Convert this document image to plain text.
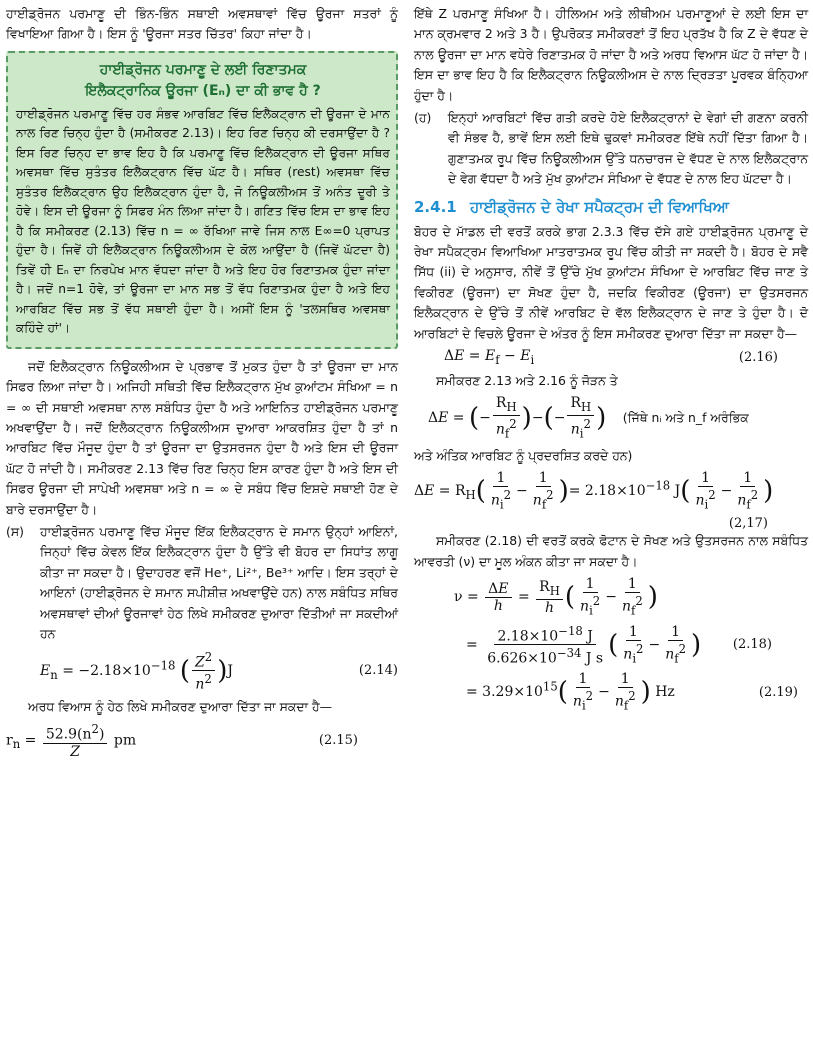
ਹਾਈਡ੍ਰੋਜਨ ਪਰਮਾਣੂ ਦੀ ਭਿੰਨ-ਭਿੰਨ ਸਥਾਈ ਅਵਸਥਾਵਾਂ ਵਿੱਚ ਊਰਜਾ ਸਤਰਾਂ ਨੂੰ ਵਿਖਾਇਆ ਗਿਆ ਹੈ। ਇਸ ਨੂੰ 'ਊਰਜਾ ਸਤਰ ਚਿੱਤਰ' ਕਿਹਾ ਜਾਂਦਾ ਹੈ।

ਹਾਈਡ੍ਰੋਜਨ ਪਰਮਾਣੂ ਦੇ ਲਈ ਰਿਣਾਤਮਕ
ਇਲੈਕਟ੍ਰਾਨਿਕ ਊਰਜਾ (Eₙ) ਦਾ ਕੀ ਭਾਵ ਹੈ ?

ਹਾਈਡ੍ਰੋਜਨ ਪਰਮਾਣੂ ਵਿੱਚ ਹਰ ਸੰਭਵ ਆਰਬਿਟ ਵਿੱਚ ਇਲੈਕਟ੍ਰਾਨ ਦੀ ਊਰਜਾ ਦੇ ਮਾਨ ਨਾਲ ਰਿਣ ਚਿਨ੍ਹ ਹੁੰਦਾ ਹੈ (ਸਮੀਕਰਣ 2.13)। ਇਹ ਰਿਣ ਚਿਨ੍ਹ ਕੀ ਦਰਸਾਉਂਦਾ ਹੈ ? ਇਸ ਰਿਣ ਚਿਨ੍ਹ ਦਾ ਭਾਵ ਇਹ ਹੈ ਕਿ ਪਰਮਾਣੂ ਵਿੱਚ ਇਲੈਕਟ੍ਰਾਨ ਦੀ ਊਰਜਾ ਸਥਿਰ ਅਵਸਥਾ ਵਿੱਚ ਸੁਤੰਤਰ ਇਲੈਕਟ੍ਰਾਨ ਵਿੱਚ ਘੱਟ ਹੈ। ਸਥਿਰ (rest) ਅਵਸਥਾ ਵਿੱਚ ਸੁਤੰਤਰ ਇਲੈਕਟ੍ਰਾਨ ਉਹ ਇਲੈਕਟ੍ਰਾਨ ਹੁੰਦਾ ਹੈ, ਜੋ ਨਿਊਕਲੀਅਸ ਤੋਂ ਅਨੰਤ ਦੂਰੀ ਤੇ ਹੋਵੇ। ਇਸ ਦੀ ਊਰਜਾ ਨੂੰ ਸਿਫਰ ਮੰਨ ਲਿਆ ਜਾਂਦਾ ਹੈ। ਗਣਿਤ ਵਿੱਚ ਇਸ ਦਾ ਭਾਵ ਇਹ ਹੈ ਕਿ ਸਮੀਕਰਣ (2.13) ਵਿੱਚ n = ∞ ਰੱਖਿਆ ਜਾਵੇ ਜਿਸ ਨਾਲ E∞=0 ਪ੍ਰਾਪਤ ਹੁੰਦਾ ਹੈ। ਜਿਵੇਂ ਹੀ ਇਲੈਕਟ੍ਰਾਨ ਨਿਊਕਲੀਅਸ ਦੇ ਕੋਲ ਆਉਂਦਾ ਹੈ (ਜਿਵੇਂ ਘੱਟਦਾ ਹੈ) ਤਿਵੇਂ ਹੀ Eₙ ਦਾ ਨਿਰਪੇਖ ਮਾਨ ਵੱਧਦਾ ਜਾਂਦਾ ਹੈ ਅਤੇ ਇਹ ਹੋਰ ਰਿਣਾਤਮਕ ਹੁੰਦਾ ਜਾਂਦਾ ਹੈ। ਜਦੋਂ n=1 ਹੋਵੇ, ਤਾਂ ਊਰਜਾ ਦਾ ਮਾਨ ਸਭ ਤੋਂ ਵੱਧ ਰਿਣਾਤਮਕ ਹੁੰਦਾ ਹੈ ਅਤੇ ਇਹ ਆਰਬਿਟ ਵਿੱਚ ਸਭ ਤੋਂ ਵੱਧ ਸਥਾਈ ਹੁੰਦਾ ਹੈ। ਅਸੀਂ ਇਸ ਨੂੰ 'ਤਲਸਥਿਰ ਅਵਸਥਾ ਕਹਿੰਦੇ ਹਾਂ'।

ਜਦੋਂ ਇਲੈਕਟ੍ਰਾਨ ਨਿਊਕਲੀਅਸ ਦੇ ਪ੍ਰਭਾਵ ਤੋਂ ਮੁਕਤ ਹੁੰਦਾ ਹੈ ਤਾਂ ਊਰਜਾ ਦਾ ਮਾਨ ਸਿਫਰ ਲਿਆ ਜਾਂਦਾ ਹੈ। ਅਜਿਹੀ ਸਥਿਤੀ ਵਿੱਚ ਇਲੈਕਟ੍ਰਾਨ ਮੁੱਖ ਕੁਆਂਟਮ ਸੰਖਿਆ = n = ∞ ਦੀ ਸਥਾਈ ਅਵਸਥਾ ਨਾਲ ਸਬੰਧਿਤ ਹੁੰਦਾ ਹੈ ਅਤੇ ਆਇਨਿਤ ਹਾਈਡ੍ਰੋਜਨ ਪਰਮਾਣੂ ਅਖਵਾਉਂਦਾ ਹੈ। ਜਦੋਂ ਇਲੈਕਟ੍ਰਾਨ ਨਿਊਕਲੀਅਸ ਦੁਆਰਾ ਆਕਰਸ਼ਿਤ ਹੁੰਦਾ ਹੈ ਤਾਂ n ਆਰਬਿਟ ਵਿੱਚ ਮੌਜੂਦ ਹੁੰਦਾ ਹੈ ਤਾਂ ਊਰਜਾ ਦਾ ਉਤਸਰਜਨ ਹੁੰਦਾ ਹੈ ਅਤੇ ਇਸ ਦੀ ਊਰਜਾ ਘੱਟ ਹੋ ਜਾਂਦੀ ਹੈ। ਸਮੀਕਰਣ 2.13 ਵਿੱਚ ਰਿਣ ਚਿਨ੍ਹ ਇਸ ਕਾਰਣ ਹੁੰਦਾ ਹੈ ਅਤੇ ਇਸ ਦੀ ਸਿਫਰ ਊਰਜਾ ਦੀ ਸਾਪੇਖੀ ਅਵਸਥਾ ਅਤੇ n = ∞ ਦੇ ਸਬੰਧ ਵਿੱਚ ਇਸ਼ਦੇ ਸਥਾਈ ਹੋਣ ਦੇ ਬਾਰੇ ਦਰਸਾਉਂਦਾ ਹੈ।

(ਸ)	ਹਾਈਡ੍ਰੋਜਨ ਪਰਮਾਣੂ ਵਿੱਚ ਮੌਜੂਦ ਇੱਕ ਇਲੈਕਟ੍ਰਾਨ ਦੇ ਸਮਾਨ ਉਨ੍ਹਾਂ ਆਇਨਾਂ, ਜਿਨ੍ਹਾਂ ਵਿੱਚ ਕੇਵਲ ਇੱਕ ਇਲੈਕਟ੍ਰਾਨ ਹੁੰਦਾ ਹੈ ਉੱਤੇ ਵੀ ਬੋਹਰ ਦਾ ਸਿਧਾਂਤ ਲਾਗੂ ਕੀਤਾ ਜਾ ਸਕਦਾ ਹੈ। ਉਦਾਹਰਣ ਵਜੋਂ He⁺, Li²⁺, Be³⁺ ਆਦਿ। ਇਸ ਤਰ੍ਹਾਂ ਦੇ ਆਇਨਾਂ (ਹਾਈਡ੍ਰੋਜਨ ਦੇ ਸਮਾਨ ਸਪੀਸ਼ੀਜ਼ ਅਖਵਾਉਂਦੇ ਹਨ) ਨਾਲ ਸਬੰਧਿਤ ਸਥਿਰ ਅਵਸਥਾਵਾਂ ਦੀਆਂ ਊਰਜਾਵਾਂ ਹੇਠ ਲਿਖੇ ਸਮੀਕਰਣ ਦੁਆਰਾ ਦਿੱਤੀਆਂ ਜਾ ਸਕਦੀਆਂ ਹਨ

$E_n = -2.18\times 10^{-18}$ ( $\frac{Z^2}{n^2} )J$	(2.14)

ਅਰਧ ਵਿਆਸ ਨੂੰ ਹੇਠ ਲਿਖੇ ਸਮੀਕਰਣ ਦੁਆਰਾ ਦਿੱਤਾ ਜਾ ਸਕਦਾ ਹੈ—

$r_n = \frac{52.9(n^2)}{Z}$ pm	(2.15)

ਇੱਥੇ Z ਪਰਮਾਣੂ ਸੰਖਿਆ ਹੈ। ਹੀਲਿਅਮ ਅਤੇ ਲੀਥੀਅਮ ਪਰਮਾਣੂਆਂ ਦੇ ਲਈ ਇਸ ਦਾ ਮਾਨ ਕ੍ਰਮਵਾਰ 2 ਅਤੇ 3 ਹੈ। ਉਪਰੋਕਤ ਸਮੀਕਰਣਾਂ ਤੋਂ ਇਹ ਪ੍ਰਤੱਖ ਹੈ ਕਿ Z ਦੇ ਵੱਧਣ ਦੇ ਨਾਲ ਊਰਜਾ ਦਾ ਮਾਨ ਵਧੇਰੇ ਰਿਣਾਤਮਕ ਹੋ ਜਾਂਦਾ ਹੈ ਅਤੇ ਅਰਧ ਵਿਆਸ ਘੱਟ ਹੋ ਜਾਂਦਾ ਹੈ। ਇਸ ਦਾ ਭਾਵ ਇਹ ਹੈ ਕਿ ਇਲੈਕਟ੍ਰਾਨ ਨਿਊਕਲੀਅਸ ਦੇ ਨਾਲ ਦ੍ਰਿੜਤਾ ਪੂਰਵਕ ਬੰਨ੍ਹਿਆ ਹੁੰਦਾ ਹੈ।

(ਹ)	ਇਨ੍ਹਾਂ ਆਰਬਿਟਾਂ ਵਿੱਚ ਗਤੀ ਕਰਦੇ ਹੋਏ ਇਲੈਕਟ੍ਰਾਨਾਂ ਦੇ ਵੇਗਾਂ ਦੀ ਗਣਨਾ ਕਰਨੀ ਵੀ ਸੰਭਵ ਹੈ, ਭਾਵੇਂ ਇਸ ਲਈ ਇਥੇ ਢੁਕਵਾਂ ਸਮੀਕਰਣ ਇੱਥੇ ਨਹੀਂ ਦਿੱਤਾ ਗਿਆ ਹੈ। ਗੁਣਾਤਮਕ ਰੂਪ ਵਿੱਚ ਨਿਊਕਲੀਅਸ ਉੱਤੇ ਧਨਚਾਰਜ ਦੇ ਵੱਧਣ ਦੇ ਨਾਲ ਇਲੈਕਟ੍ਰਾਨ ਦੇ ਵੇਗ ਵੱਧਦਾ ਹੈ ਅਤੇ ਮੁੱਖ ਕੁਆਂਟਮ ਸੰਖਿਆ ਦੇ ਵੱਧਣ ਦੇ ਨਾਲ ਇਹ ਘੱਟਦਾ ਹੈ।

2.4.1 ਹਾਈਡ੍ਰੋਜਨ ਦੇ ਰੇਖਾ ਸਪੈਕਟ੍ਰਮ ਦੀ ਵਿਆਖਿਆ

ਬੋਹਰ ਦੇ ਮਾੱਡਲ ਦੀ ਵਰਤੋਂ ਕਰਕੇ ਭਾਗ 2.3.3 ਵਿੱਚ ਦੱਸੇ ਗਏ ਹਾਈਡ੍ਰੋਜਨ ਪ੍ਰਮਾਣੂ ਦੇ ਰੇਖਾ ਸਪੈਕਟ੍ਰਮ ਵਿਆਖਿਆ ਮਾਤਰਾਤਮਕ ਰੂਪ ਵਿੱਚ ਕੀਤੀ ਜਾ ਸਕਦੀ ਹੈ। ਬੋਹਰ ਦੇ ਸਵੈ ਸਿੱਧ (ii) ਦੇ ਅਨੁਸਾਰ, ਨੀਵੇਂ ਤੋਂ ਉੱਚੇ ਮੁੱਖ ਕੁਆਂਟਮ ਸੰਖਿਆ ਦੇ ਆਰਬਿਟ ਵਿੱਚ ਜਾਣ ਤੇ ਵਿਕੀਰਣ (ਊਰਜਾ) ਦਾ ਸੋਖਣ ਹੁੰਦਾ ਹੈ, ਜਦਕਿ ਵਿਕੀਰਣ (ਊਰਜਾ) ਦਾ ਉਤਸਰਜਨ ਇਲੈਕਟ੍ਰਾਨ ਦੇ ਉੱਚੇ ਤੋਂ ਨੀਵੇਂ ਆਰਬਿਟ ਦੇ ਵੱਲ ਇਲੈਕਟ੍ਰਾਨ ਦੇ ਜਾਣ ਤੇ ਹੁੰਦਾ ਹੈ। ਦੋ ਆਰਬਿਟਾਂ ਦੇ ਵਿਚਲੇ ਊਰਜਾ ਦੇ ਅੰਤਰ ਨੂੰ ਇਸ ਸਮੀਕਰਣ ਦੁਆਰਾ ਦਿੱਤਾ ਜਾ ਸਕਦਾ ਹੈ—

$\Delta E = E_f - E_i$	(2.16)

ਸਮੀਕਰਣ 2.13 ਅਤੇ 2.16 ਨੂੰ ਜੋੜਨ ਤੇ

ΔE = (− $\frac{R_H}{n_f^2}$ )−(− $\frac{R_H}{n_i^2}$ ) (ਜਿੱਥੇ nᵢ ਅਤੇ n_f ਅਰੰਭਿਕ

ਅਤੇ ਅੰਤਿਕ ਆਰਬਿਟ ਨੂੰ ਪ੍ਰਦਰਸ਼ਿਤ ਕਰਦੇ ਹਨ)

$\Delta E = R_H( \frac{1}{n_i^2} - \frac{1}{n_f^2}$ )= $2.18\times 10^{-18}$ $J( \frac{1}{n_i^2} - \frac{1}{n_f^2}$ )
(2,17)

ਸਮੀਕਰਣ (2.18) ਦੀ ਵਰਤੋਂ ਕਰਕੇ ਫੋਟਾਨ ਦੇ ਸੋਖਣ ਅਤੇ ਉਤਸਰਜਨ ਨਾਲ ਸਬੰਧਿਤ ਆਵਰਤੀ (ν) ਦਾ ਮੂਲ ਅੰਕਨ ਕੀਤਾ ਜਾ ਸਕਦਾ ਹੈ।

$\nu = \frac{\Delta E}{h} = \frac{R_H}{h}$ ( $\frac{1}{n_i^2} - \frac{1}{n_f^2}$ )
= $\frac{2.18\times 10^{-18} J}{6.626\times 10^{-34} J s}$ ( $\frac{1}{n_i^2} - \frac{1}{n_f^2}$ )	(2.18)
= $3.29\times 10^{15}( \frac{1}{n_i^2} - \frac{1}{n_f^2}$ ) Hz	(2.19)
